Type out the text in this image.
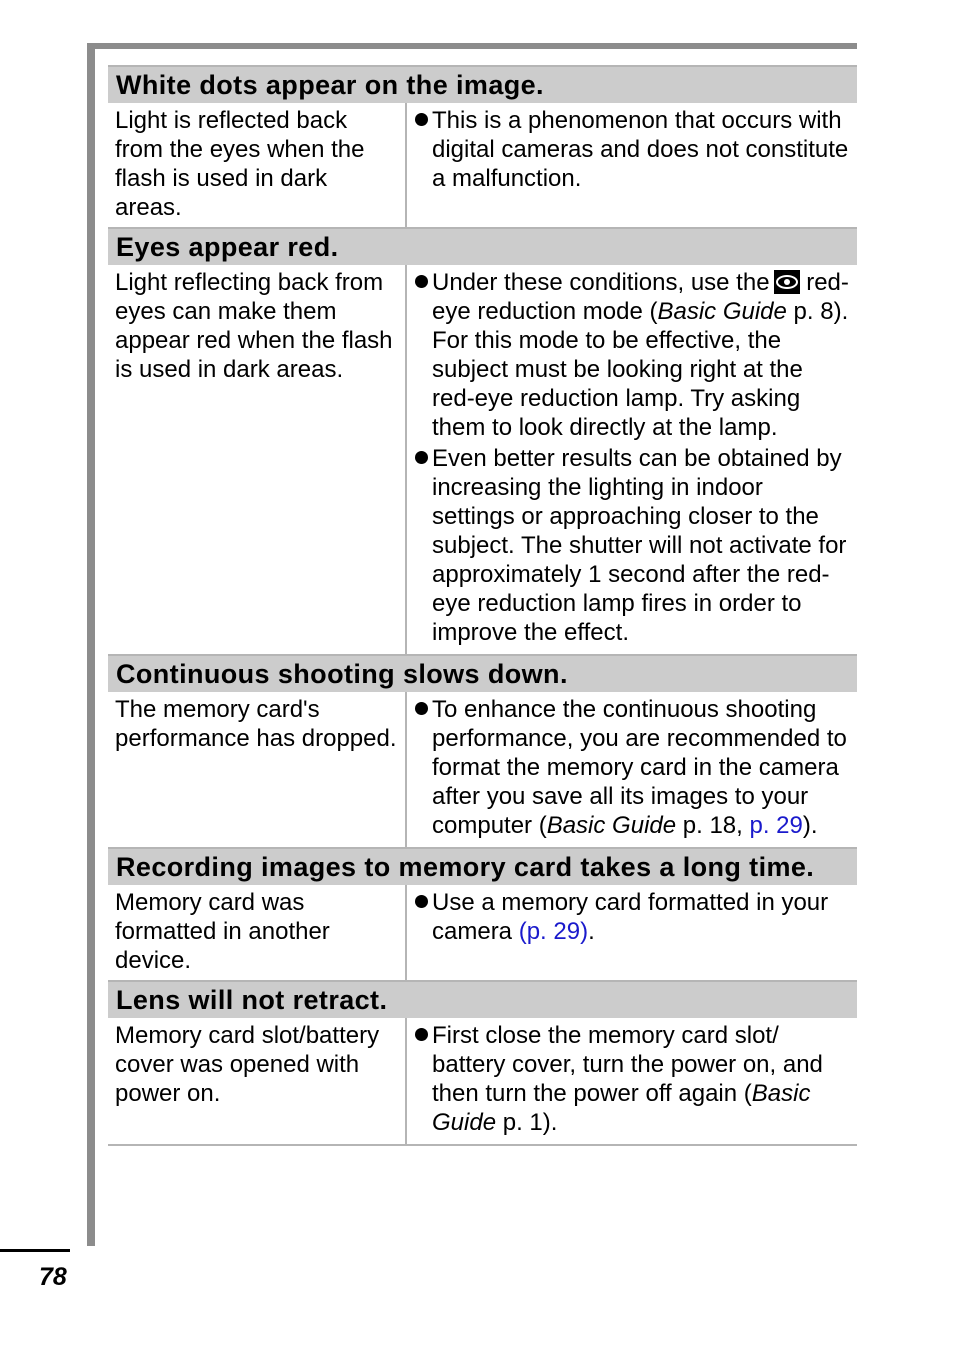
White dots appear on the image.
Light is reflected back from the eyes when the flash is used in dark areas.
This is a phenomenon that occurs with digital cameras and does not constitute a malfunction.
Eyes appear red.
Light reflecting back from eyes can make them appear red when the flash is used in dark areas.
Under these conditions, use the red-eye reduction mode (Basic Guide p. 8). For this mode to be effective, the subject must be looking right at the red-eye reduction lamp. Try asking them to look directly at the lamp.
Even better results can be obtained by increasing the lighting in indoor settings or approaching closer to the subject. The shutter will not activate for approximately 1 second after the red-eye reduction lamp fires in order to improve the effect.
Continuous shooting slows down.
The memory card's performance has dropped.
To enhance the continuous shooting performance, you are recommended to format the memory card in the camera after you save all its images to your computer (Basic Guide p. 18, p. 29).
Recording images to memory card takes a long time.
Memory card was formatted in another device.
Use a memory card formatted in your camera (p. 29).
Lens will not retract.
Memory card slot/battery cover was opened with power on.
First close the memory card slot/ battery cover, turn the power on, and then turn the power off again (Basic Guide p. 1).
78
